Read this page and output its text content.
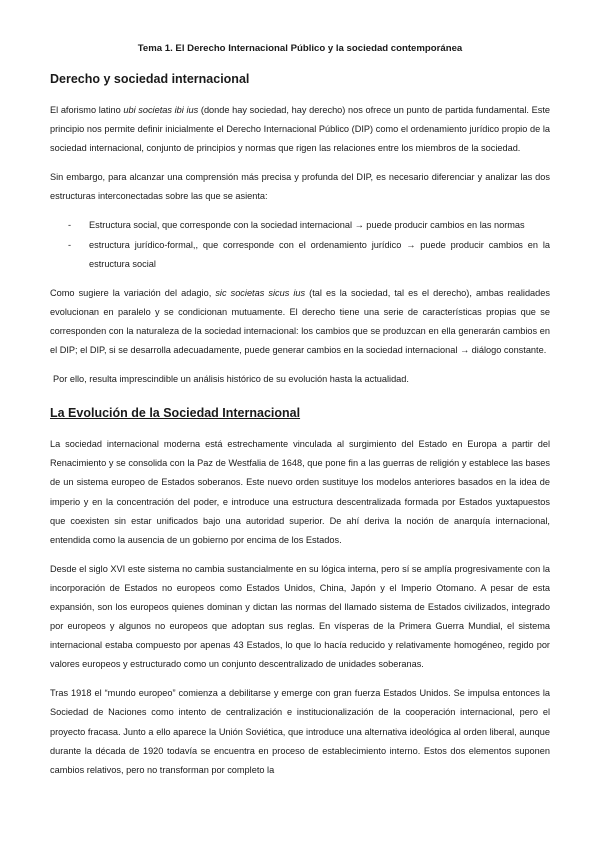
Tema 1. El Derecho Internacional Público y la sociedad contemporánea
Derecho y sociedad internacional

El aforismo latino ubi societas ibi ius (donde hay sociedad, hay derecho) nos ofrece un punto de partida fundamental. Este principio nos permite definir inicialmente el Derecho Internacional Público (DIP) como el ordenamiento jurídico propio de la sociedad internacional, conjunto de principios y normas que rigen las relaciones entre los miembros de la sociedad.

Sin embargo, para alcanzar una comprensión más precisa y profunda del DIP, es necesario diferenciar y analizar las dos estructuras interconectadas sobre las que se asienta:

- Estructura social, que corresponde con la sociedad internacional → puede producir cambios en las normas
- estructura jurídico-formal,, que corresponde con el ordenamiento jurídico → puede producir cambios en la estructura social

Como sugiere la variación del adagio, sic societas sicus ius (tal es la sociedad, tal es el derecho), ambas realidades evolucionan en paralelo y se condicionan mutuamente. El derecho tiene una serie de características propias que se corresponden con la naturaleza de la sociedad internacional: los cambios que se produzcan en ella generarán cambios en el DIP; el DIP, si se desarrolla adecuadamente, puede generar cambios en la sociedad internacional → diálogo constante.

Por ello, resulta imprescindible un análisis histórico de su evolución hasta la actualidad.

La Evolución de la Sociedad Internacional

La sociedad internacional moderna está estrechamente vinculada al surgimiento del Estado en Europa a partir del Renacimiento y se consolida con la Paz de Westfalia de 1648, que pone fin a las guerras de religión y establece las bases de un sistema europeo de Estados soberanos. Este nuevo orden sustituye los modelos anteriores basados en la idea de imperio y en la concentración del poder, e introduce una estructura descentralizada formada por Estados yuxtapuestos que coexisten sin estar unificados bajo una autoridad superior. De ahí deriva la noción de anarquía internacional, entendida como la ausencia de un gobierno por encima de los Estados.

Desde el siglo XVI este sistema no cambia sustancialmente en su lógica interna, pero sí se amplía progresivamente con la incorporación de Estados no europeos como Estados Unidos, China, Japón y el Imperio Otomano. A pesar de esta expansión, son los europeos quienes dominan y dictan las normas del llamado sistema de Estados civilizados, integrado por europeos y algunos no europeos que adoptan sus reglas. En vísperas de la Primera Guerra Mundial, el sistema internacional estaba compuesto por apenas 43 Estados, lo que lo hacía reducido y relativamente homogéneo, regido por valores europeos y estructurado como un conjunto descentralizado de unidades soberanas.

Tras 1918 el “mundo europeo” comienza a debilitarse y emerge con gran fuerza Estados Unidos. Se impulsa entonces la Sociedad de Naciones como intento de centralización e institucionalización de la cooperación internacional, pero el proyecto fracasa. Junto a ello aparece la Unión Soviética, que introduce una alternativa ideológica al orden liberal, aunque durante la década de 1920 todavía se encuentra en proceso de establecimiento interno. Estos dos elementos suponen cambios relativos, pero no transforman por completo la
